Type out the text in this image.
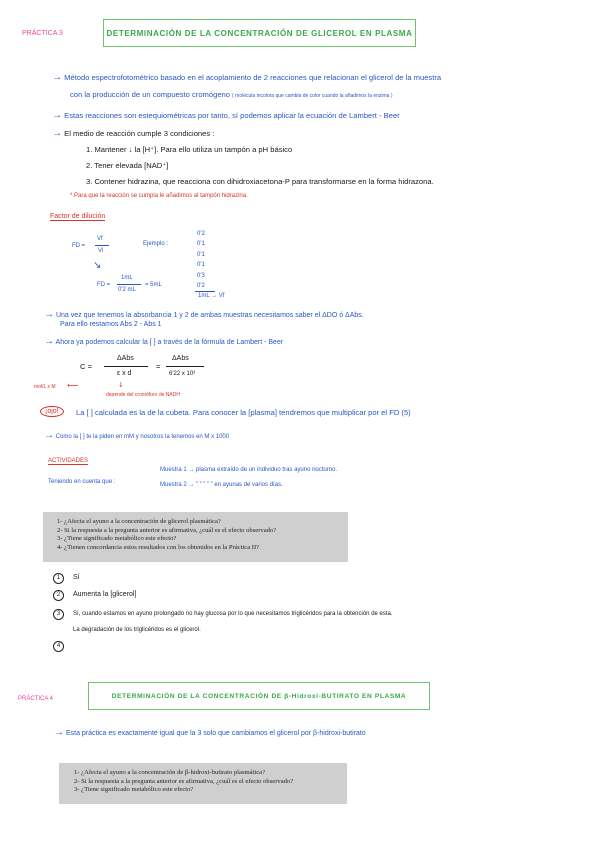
PRÁCTICA 3	DETERMINACIÓN DE LA CONCENTRACIÓN DE GLICEROL EN PLASMA
→ Método espectrofotométrico basado en el acoplamiento de 2 reacciones que relacionan el glicerol de la muestra
con la producción de un compuesto cromógeno ( molécula incolora que cambia de color cuando la añadimos la enzima )
→ Estas reacciones son estequiométricas por tanto, sí podemos aplicar la ecuación de Lambert - Beer
→ El medio de reacción cumple 3 condiciones :
1. Mantener ↓ la [H⁺]. Para ello utiliza un tampón a pH básico
2. Tener elevada [NAD⁺]
3. Contener hidrazina, que reacciona con dihidroxiacetona-P para transformarse en la forma hidrazona.
* Para que la reacción se cumpla le añadimos al tampón hidrazina.
Factor de dilución
FD =
Vf
Vi
Ejemplo :
0'2
0'1
0'1
0'1
0'3
0'2
1mL → Vf
↘
FD =
1mL
0'2 mL
= 5mL
→ Una vez que tenemos la absorbancia 1 y 2 de ambas muestras necesitamos saber el ΔDO ó ΔAbs.
Para ello restamos Abs 2 - Abs 1
→ Ahora ya podemos calcular la [ ] a través de la fórmula de Lambert - Beer
C =
ΔAbs
ε x d
=
ΔAbs
6'22 x 10³
mol/L x M ⟵	↓
depende del cromóforo de NADH
¡ojo!	La [ ] calculada es la de la cubeta. Para conocer la [plasma] tendremos que multiplicar por el FD (5)
→ Como la [ ] te la piden en mM y nosotros la tenemos en M x 1000
ACTIVIDADES
Teniendo en cuenta que :
Muestra 1 → plasma extraído de un individuo tras ayuno nocturno.
Muestra 2 → ” ” ” ” ” en ayunas de varios días.
1- ¿Afecta el ayuno a la concentración de glicerol plasmática?
2- Si la respuesta a la pregunta anterior es afirmativa, ¿cuál es el efecto observado?
3- ¿Tiene significado metabólico este efecto?
4- ¿Tienen concordancia estos resultados con los obtenidos en la Práctica II?
1	Sí
2	Aumenta la [glicerol]
3	Sí, cuando estamos en ayuno prolongado no hay glucosa por lo que necesitamos triglicéridos para la obtención de esta.
La degradación de los triglicéridos es el glicerol.
4
PRÁCTICA 4	DETERMINACIÓN DE LA CONCENTRACIÓN DE β-Hidroxi-BUTIRATO EN PLASMA
→ Esta práctica es exactamente igual que la 3 solo que cambiamos el glicerol por β-hidroxi-butirato
1- ¿Afecta el ayuno a la concentración de β-hidroxi-butirato plasmática?
2- Si la respuesta a la pregunta anterior es afirmativa, ¿cuál es el efecto observado?
3- ¿Tiene significado metabólico este efecto?
